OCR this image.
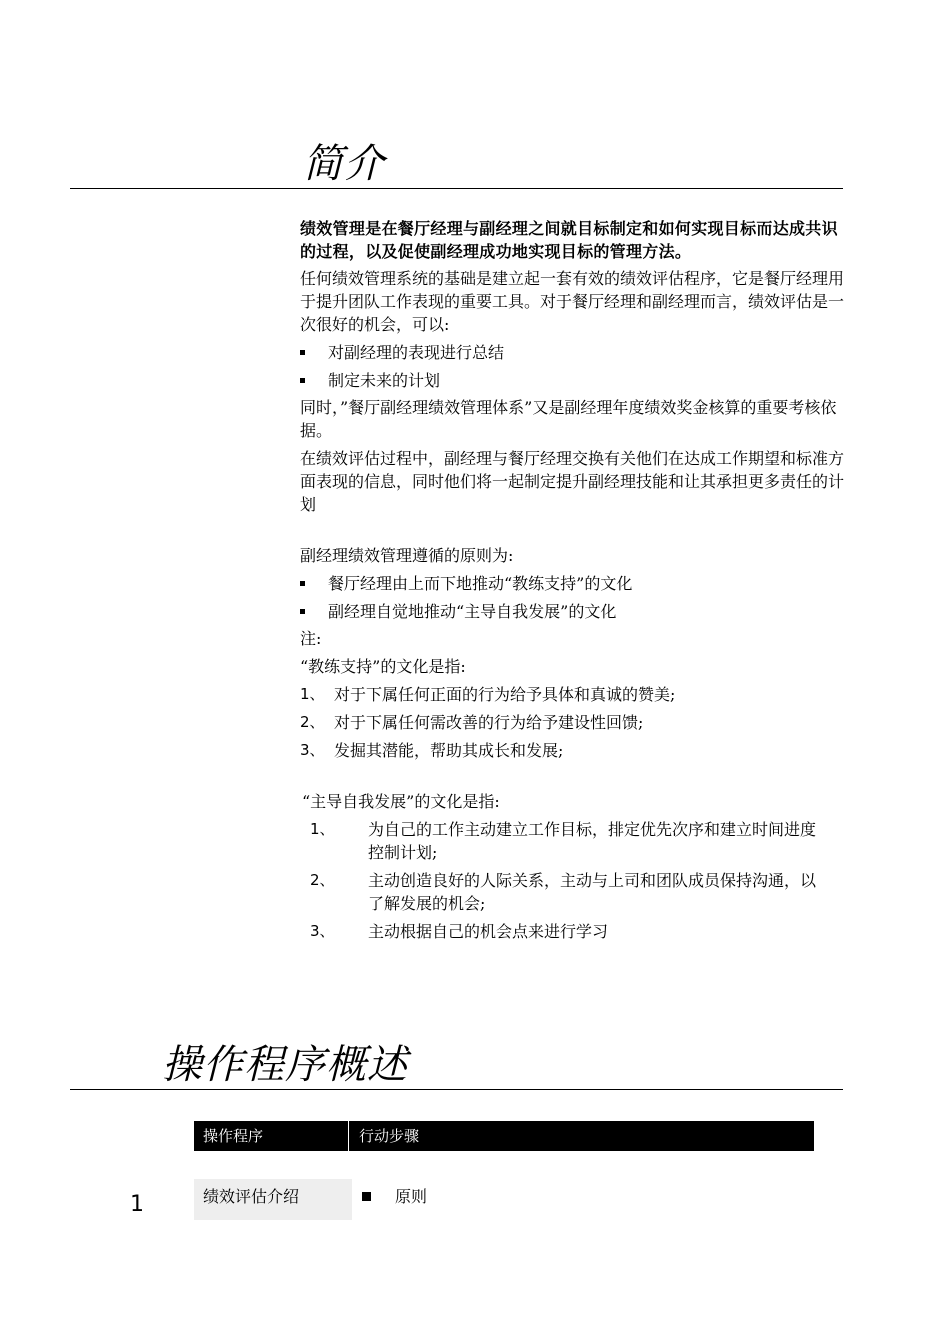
简介

绩效管理是在餐厅经理与副经理之间就目标制定和如何实现目标而达成共识的过程，以及促使副经理成功地实现目标的管理方法。

任何绩效管理系统的基础是建立起一套有效的绩效评估程序，它是餐厅经理用于提升团队工作表现的重要工具。对于餐厅经理和副经理而言，绩效评估是一次很好的机会，可以:

对副经理的表现进行总结
制定未来的计划

同时，”餐厅副经理绩效管理体系”又是副经理年度绩效奖金核算的重要考核依据。

在绩效评估过程中，副经理与餐厅经理交换有关他们在达成工作期望和标准方面表现的信息，同时他们将一起制定提升副经理技能和让其承担更多责任的计划

副经理绩效管理遵循的原则为:

餐厅经理由上而下地推动“教练支持”的文化
副经理自觉地推动“主导自我发展”的文化

注:

“教练支持”的文化是指:

1、 对于下属任何正面的行为给予具体和真诚的赞美;
2、 对于下属任何需改善的行为给予建设性回馈;
3、 发掘其潜能，帮助其成长和发展;

“主导自我发展”的文化是指:

1、	为自己的工作主动建立工作目标，排定优先次序和建立时间进度控制计划;
2、	主动创造良好的人际关系，主动与上司和团队成员保持沟通，以了解发展的机会;
3、	主动根据自己的机会点来进行学习
操作程序概述
操作程序	行动步骤
1	绩效评估介绍	原则
